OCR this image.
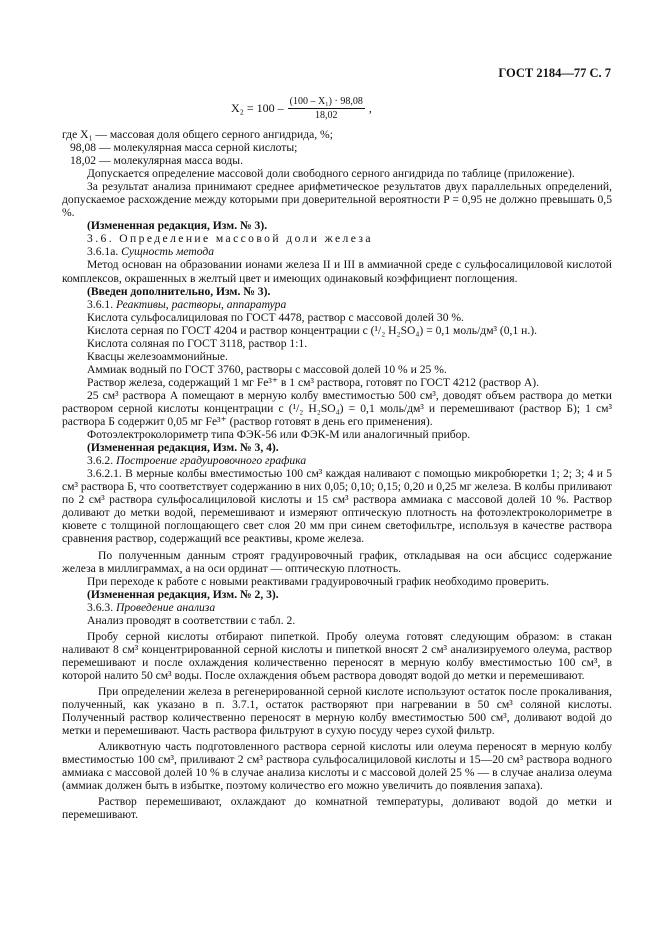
ГОСТ 2184—77 С. 7
$X_2 = 100 - \frac{\text{(100 – X₁) · 98,08}}{18,02}$ ,
где X₁ — массовая доля общего серного ангидрида, %;
98,08 — молекулярная масса серной кислоты;
18,02 — молекулярная масса воды.
Допускается определение массовой доли свободного серного ангидрида по таблице (приложение).
За результат анализа принимают среднее арифметическое результатов двух параллельных определений, допускаемое расхождение между которыми при доверительной вероятности P = 0,95 не должно превышать 0,5 %.
(Измененная редакция, Изм. № 3).
3.6. Определение массовой доли железа
3.6.1а. Сущность метода
Метод основан на образовании ионами железа II и III в аммиачной среде с сульфосалициловой кислотой комплексов, окрашенных в желтый цвет и имеющих одинаковый коэффициент поглощения.
(Введен дополнительно, Изм. № 3).
3.6.1. Реактивы, растворы, аппаратура
Кислота сульфосалициловая по ГОСТ 4478, раствор с массовой долей 30 %.
Кислота серная по ГОСТ 4204 и раствор концентрации c (¹/₂ H₂SO₄) = 0,1 моль/дм³ (0,1 н.).
Кислота соляная по ГОСТ 3118, раствор 1:1.
Квасцы железоаммонийные.
Аммиак водный по ГОСТ 3760, растворы с массовой долей 10 % и 25 %.
Раствор железа, содержащий 1 мг Fe³⁺ в 1 см³ раствора, готовят по ГОСТ 4212 (раствор А).
25 см³ раствора А помещают в мерную колбу вместимостью 500 см³, доводят объем раствора до метки раствором серной кислоты концентрации c (¹/₂ H₂SO₄) = 0,1 моль/дм³ и перемешивают (раствор Б); 1 см³ раствора Б содержит 0,05 мг Fe³⁺ (раствор готовят в день его применения).
Фотоэлектроколориметр типа ФЭК-56 или ФЭК-М или аналогичный прибор.
(Измененная редакция, Изм. № 3, 4).
3.6.2. Построение градуировочного графика
3.6.2.1. В мерные колбы вместимостью 100 см³ каждая наливают с помощью микробюретки 1; 2; 3; 4 и 5 см³ раствора Б, что соответствует содержанию в них 0,05; 0,10; 0,15; 0,20 и 0,25 мг железа. В колбы приливают по 2 см³ раствора сульфосалициловой кислоты и 15 см³ раствора аммиака с массовой долей 10 %. Раствор доливают до метки водой, перемешивают и измеряют оптическую плотность на фотоэлектроколориметре в кювете с толщиной поглощающего свет слоя 20 мм при синем светофильтре, используя в качестве раствора сравнения раствор, содержащий все реактивы, кроме железа.
По полученным данным строят градуировочный график, откладывая на оси абсцисс содержание железа в миллиграммах, а на оси ординат — оптическую плотность.
При переходе к работе с новыми реактивами градуировочный график необходимо проверить.
(Измененная редакция, Изм. № 2, 3).
3.6.3. Проведение анализа
Анализ проводят в соответствии с табл. 2.
Пробу серной кислоты отбирают пипеткой. Пробу олеума готовят следующим образом: в стакан наливают 8 см³ концентрированной серной кислоты и пипеткой вносят 2 см³ анализируемого олеума, раствор перемешивают и после охлаждения количественно переносят в мерную колбу вместимостью 100 см³, в которой налито 50 см³ воды. После охлаждения объем раствора доводят водой до метки и перемешивают.
При определении железа в регенерированной серной кислоте используют остаток после прокаливания, полученный, как указано в п. 3.7.1, остаток растворяют при нагревании в 50 см³ соляной кислоты. Полученный раствор количественно переносят в мерную колбу вместимостью 500 см³, доливают водой до метки и перемешивают. Часть раствора фильтруют в сухую посуду через сухой фильтр.
Аликвотную часть подготовленного раствора серной кислоты или олеума переносят в мерную колбу вместимостью 100 см³, приливают 2 см³ раствора сульфосалициловой кислоты и 15—20 см³ раствора водного аммиака с массовой долей 10 % в случае анализа кислоты и с массовой долей 25 % — в случае анализа олеума (аммиак должен быть в избытке, поэтому количество его можно увеличить до появления запаха).
Раствор перемешивают, охлаждают до комнатной температуры, доливают водой до метки и перемешивают.
